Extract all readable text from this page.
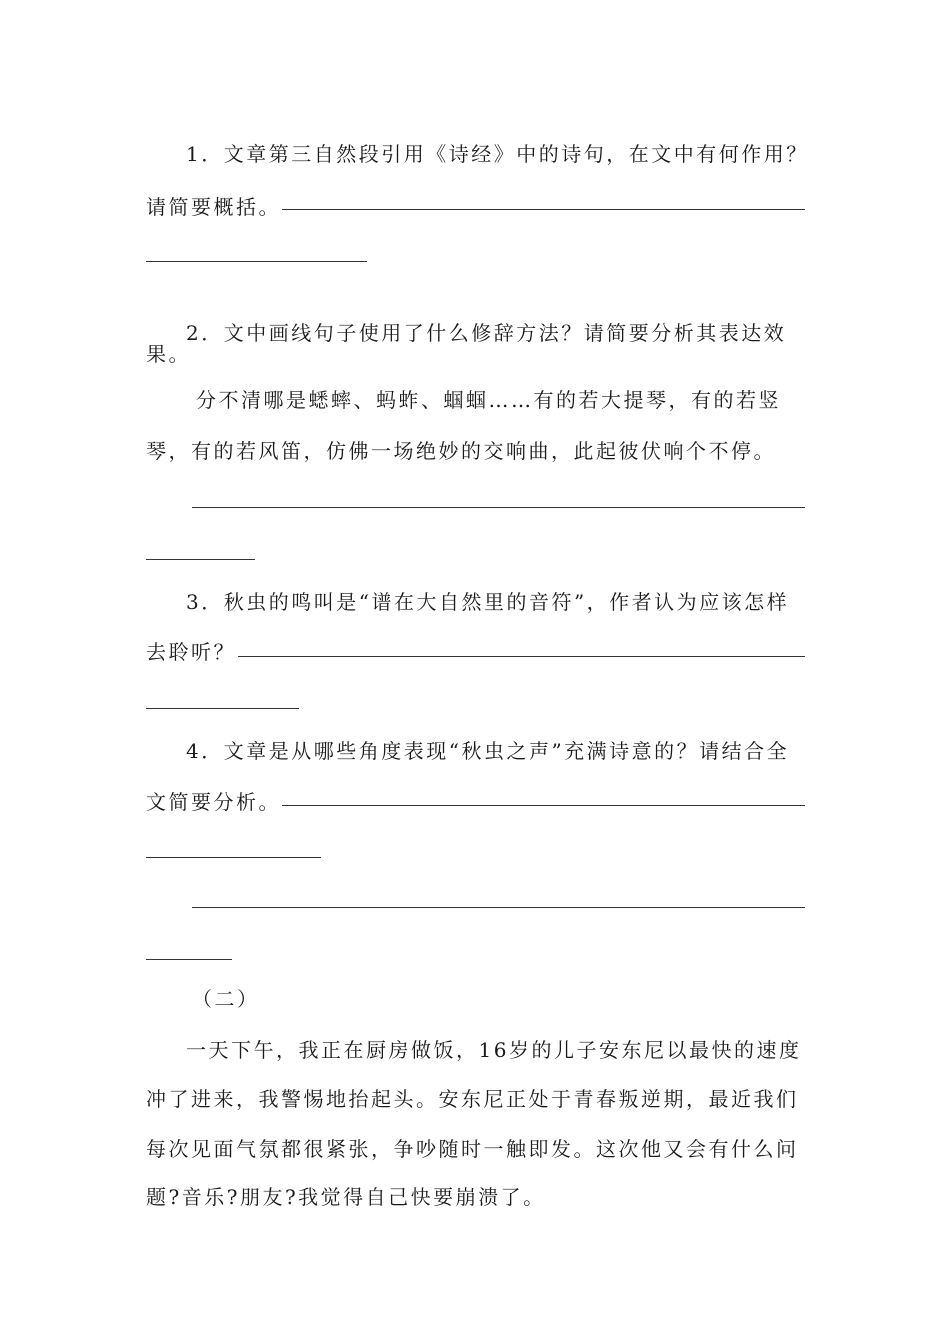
1．文章第三自然段引用《诗经》中的诗句，在文中有何作用？
请简要概括。
2．文中画线句子使用了什么修辞方法？请简要分析其表达效
果。
分不清哪是蟋蟀、蚂蚱、蝈蝈……有的若大提琴，有的若竖
琴，有的若风笛，仿佛一场绝妙的交响曲，此起彼伏响个不停。
3．秋虫的鸣叫是“谱在大自然里的音符”，作者认为应该怎样
去聆听？
4．文章是从哪些角度表现“秋虫之声”充满诗意的？请结合全
文简要分析。
（二）
一天下午，我正在厨房做饭，16岁的儿子安东尼以最快的速度
冲了进来，我警惕地抬起头。安东尼正处于青春叛逆期，最近我们
每次见面气氛都很紧张，争吵随时一触即发。这次他又会有什么问
题?音乐?朋友?我觉得自己快要崩溃了。
